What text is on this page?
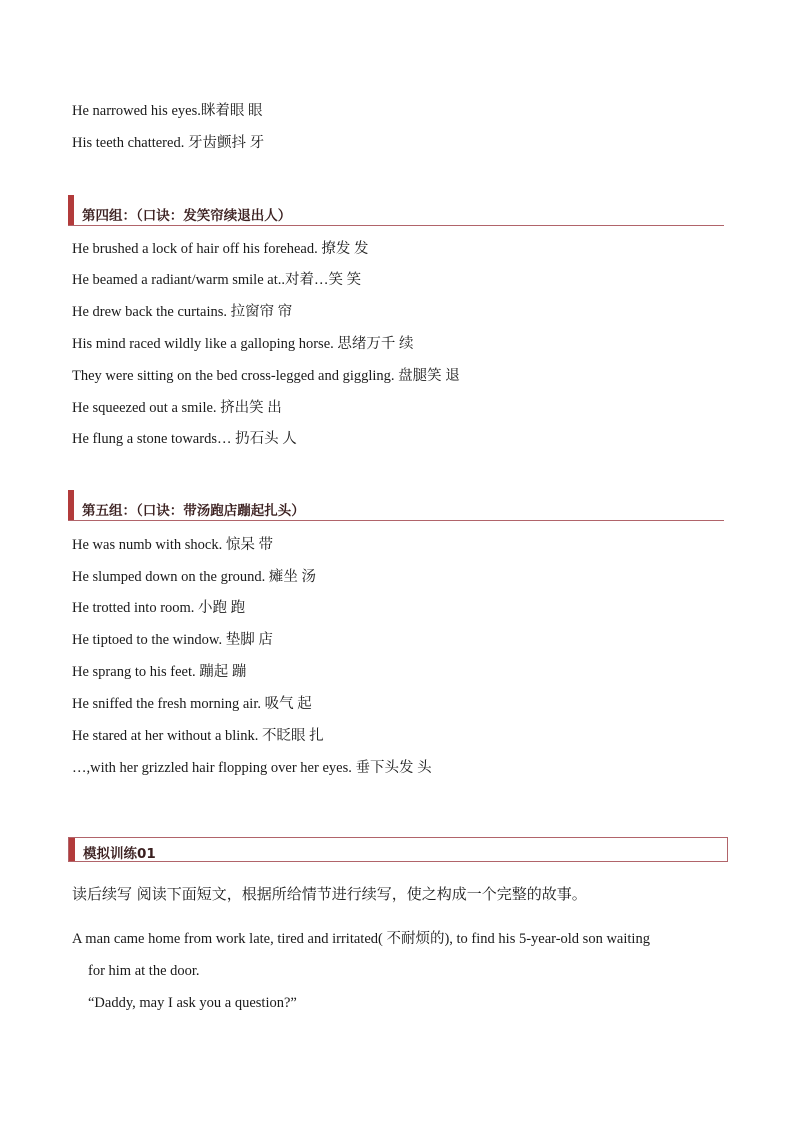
He narrowed his eyes.眯着眼 眼
His teeth chattered. 牙齿颤抖 牙
第四组：（口诀：发笑帘续退出人）
He brushed a lock of hair off his forehead. 撩发 发
He beamed a radiant/warm smile at..对着…笑 笑
He drew back the curtains. 拉窗帘 帘
His mind raced wildly like a galloping horse. 思绪万千 续
They were sitting on the bed cross-legged and giggling. 盘腿笑 退
He squeezed out a smile. 挤出笑 出
He flung a stone towards… 扔石头 人
第五组：（口诀：带汤跑店蹦起扎头）
He was numb with shock. 惊呆 带
He slumped down on the ground. 瘫坐 汤
He trotted into room. 小跑 跑
He tiptoed to the window. 垫脚 店
He sprang to his feet. 蹦起 蹦
He sniffed the fresh morning air. 吸气 起
He stared at her without a blink. 不眨眼 扎
…,with her grizzled hair flopping over her eyes. 垂下头发 头
模拟训练01
读后续写 阅读下面短文，根据所给情节进行续写，使之构成一个完整的故事。
A man came home from work late, tired and irritated( 不耐烦的), to find his 5-year-old son waiting
for him at the door.
“Daddy, may I ask you a question?”
